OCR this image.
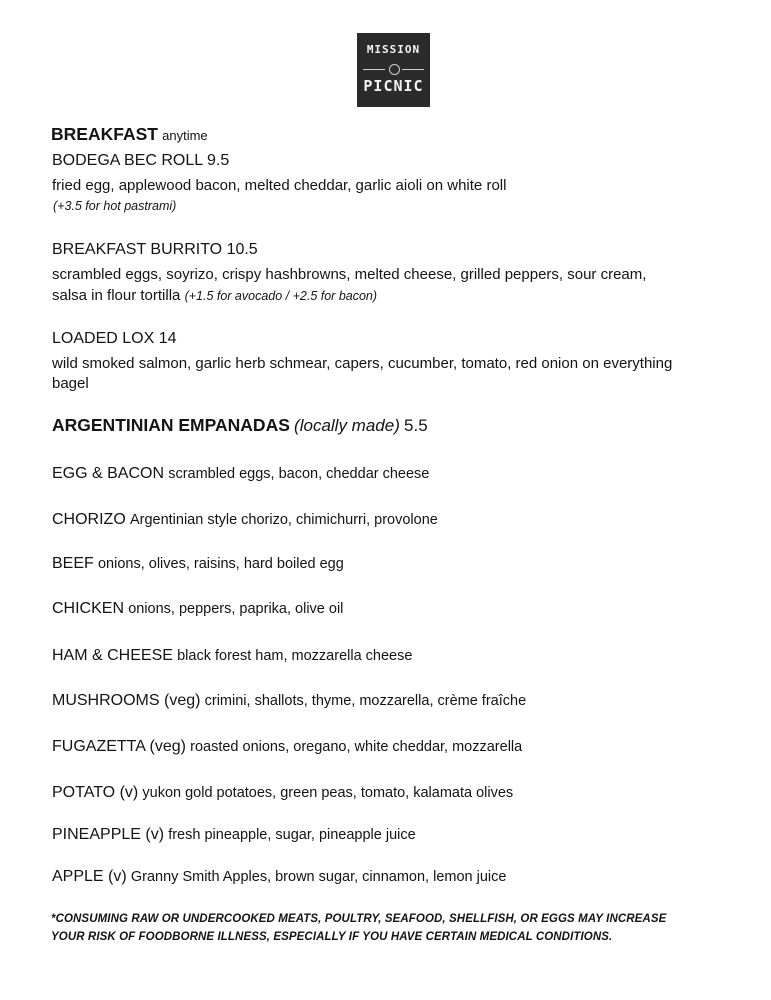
MISSION
PICNIC
BREAKFAST anytime
BODEGA BEC ROLL 9.5
fried egg, applewood bacon, melted cheddar, garlic aioli on white roll
(+3.5 for hot pastrami)
BREAKFAST BURRITO 10.5
scrambled eggs, soyrizo, crispy hashbrowns, melted cheese, grilled peppers, sour cream,
salsa in flour tortilla (+1.5 for avocado / +2.5 for bacon)
LOADED LOX 14
wild smoked salmon, garlic herb schmear, capers, cucumber, tomato, red onion on everything
bagel
ARGENTINIAN EMPANADAS (locally made) 5.5
EGG & BACON scrambled eggs, bacon, cheddar cheese
CHORIZO Argentinian style chorizo, chimichurri, provolone
BEEF onions, olives, raisins, hard boiled egg
CHICKEN onions, peppers, paprika, olive oil
HAM & CHEESE black forest ham, mozzarella cheese
MUSHROOMS (veg) crimini, shallots, thyme, mozzarella, crème fraîche
FUGAZETTA (veg) roasted onions, oregano, white cheddar, mozzarella
POTATO (v) yukon gold potatoes, green peas, tomato, kalamata olives
PINEAPPLE (v) fresh pineapple, sugar, pineapple juice
APPLE (v) Granny Smith Apples, brown sugar, cinnamon, lemon juice
*CONSUMING RAW OR UNDERCOOKED MEATS, POULTRY, SEAFOOD, SHELLFISH, OR EGGS MAY INCREASE
YOUR RISK OF FOODBORNE ILLNESS, ESPECIALLY IF YOU HAVE CERTAIN MEDICAL CONDITIONS.
